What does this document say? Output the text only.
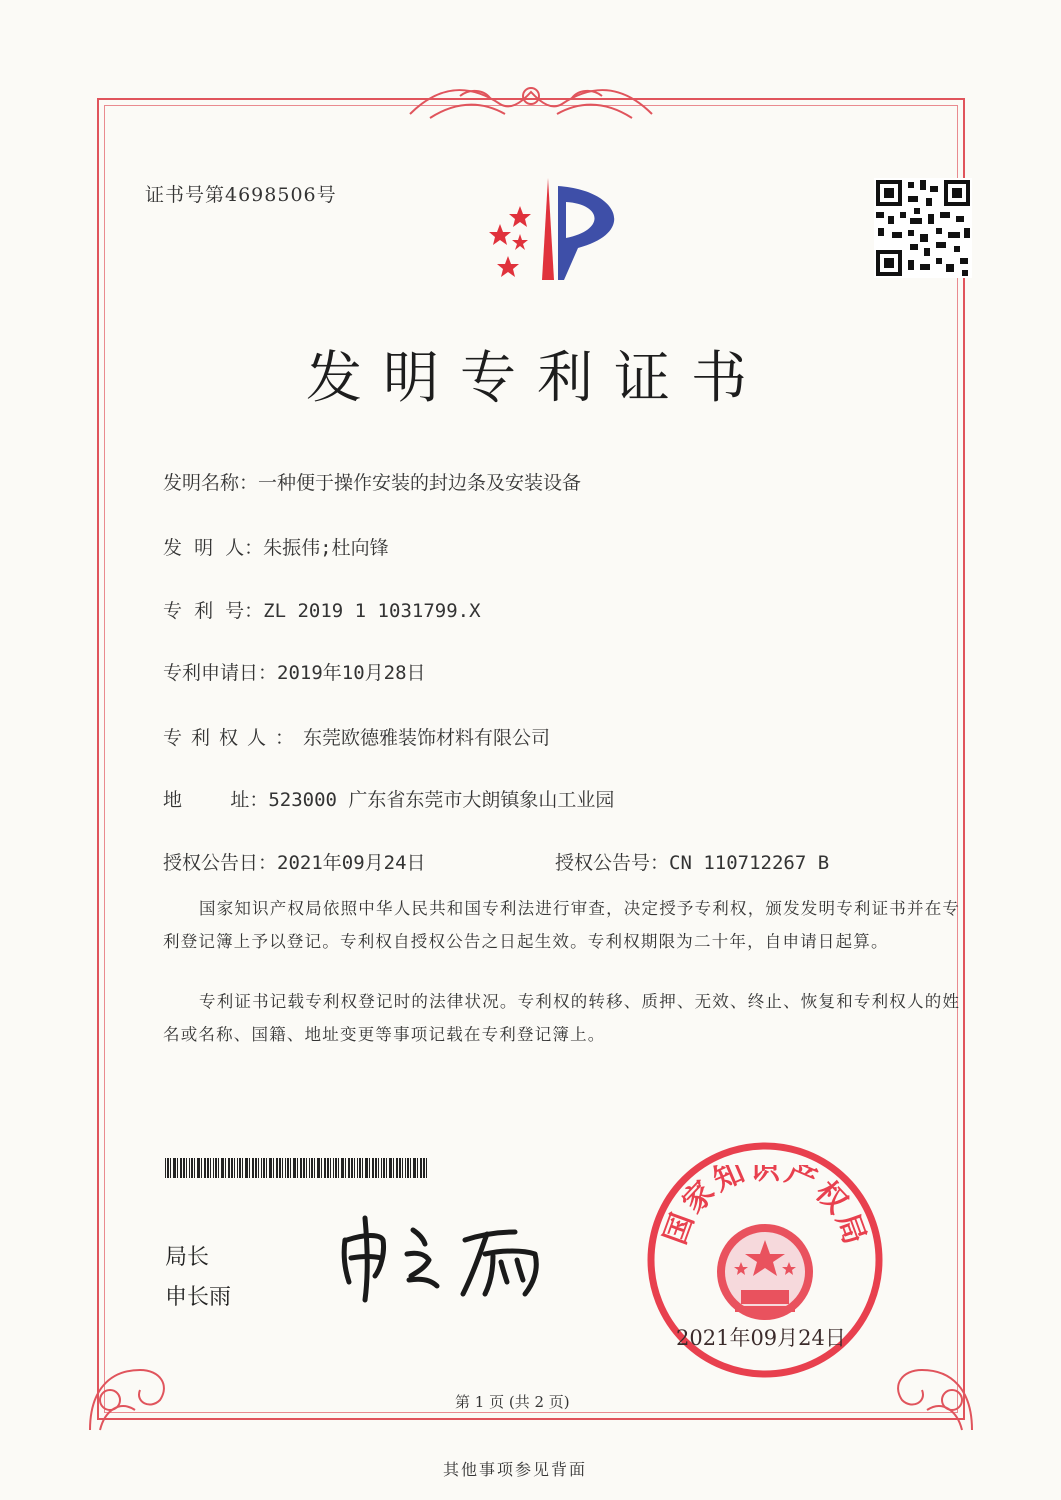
证书号第4698506号
发明专利证书
发明名称：一种便于操作安装的封边条及安装设备
发  明  人：朱振伟;杜向锋
专  利  号：ZL 2019 1 1031799.X
专利申请日：2019年10月28日
专利权人：东莞欧德雅装饰材料有限公司
地        址：523000 广东省东莞市大朗镇象山工业园
授权公告日：2021年09月24日	授权公告号：CN 110712267 B
国家知识产权局依照中华人民共和国专利法进行审查，决定授予专利权，颁发发明专利证书并在专利登记簿上予以登记。专利权自授权公告之日起生效。专利权期限为二十年，自申请日起算。
专利证书记载专利权登记时的法律状况。专利权的转移、质押、无效、终止、恢复和专利权人的姓名或名称、国籍、地址变更等事项记载在专利登记簿上。
局长
申长雨
国
家
知 识 产
权
局
2021年09月24日
第 1 页 (共 2 页)
其他事项参见背面
